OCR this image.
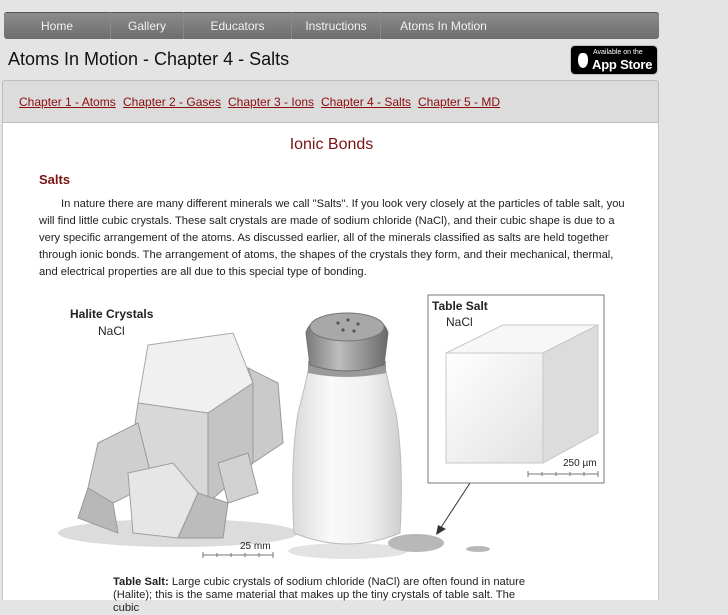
Home	Gallery	Educators	Instructions	Atoms In Motion
Atoms In Motion - Chapter 4 - Salts	Available on the
App Store
Chapter 1 - Atoms Chapter 2 - Gases Chapter 3 - Ions Chapter 4 - Salts Chapter 5 - MD
Ionic Bonds
Salts
In nature there are many different minerals we call "Salts". If you look very closely at the particles of table salt, you will find little cubic crystals. These salt crystals are made of sodium chloride (NaCl), and their cubic shape is due to a very specific arrangement of the atoms. As discussed earlier, all of the minerals classified as salts are held together through ionic bonds. The arrangement of atoms, the shapes of the crystals they form, and their mechanical, thermal, and electrical properties are all due to this special type of bonding.
Halite Crystals
NaCl
25 mm
Table Salt
NaCl
250 µm
Table Salt: Large cubic crystals of sodium chloride (NaCl) are often found in nature (Halite); this is the same material that makes up the tiny crystals of table salt. The cubic
